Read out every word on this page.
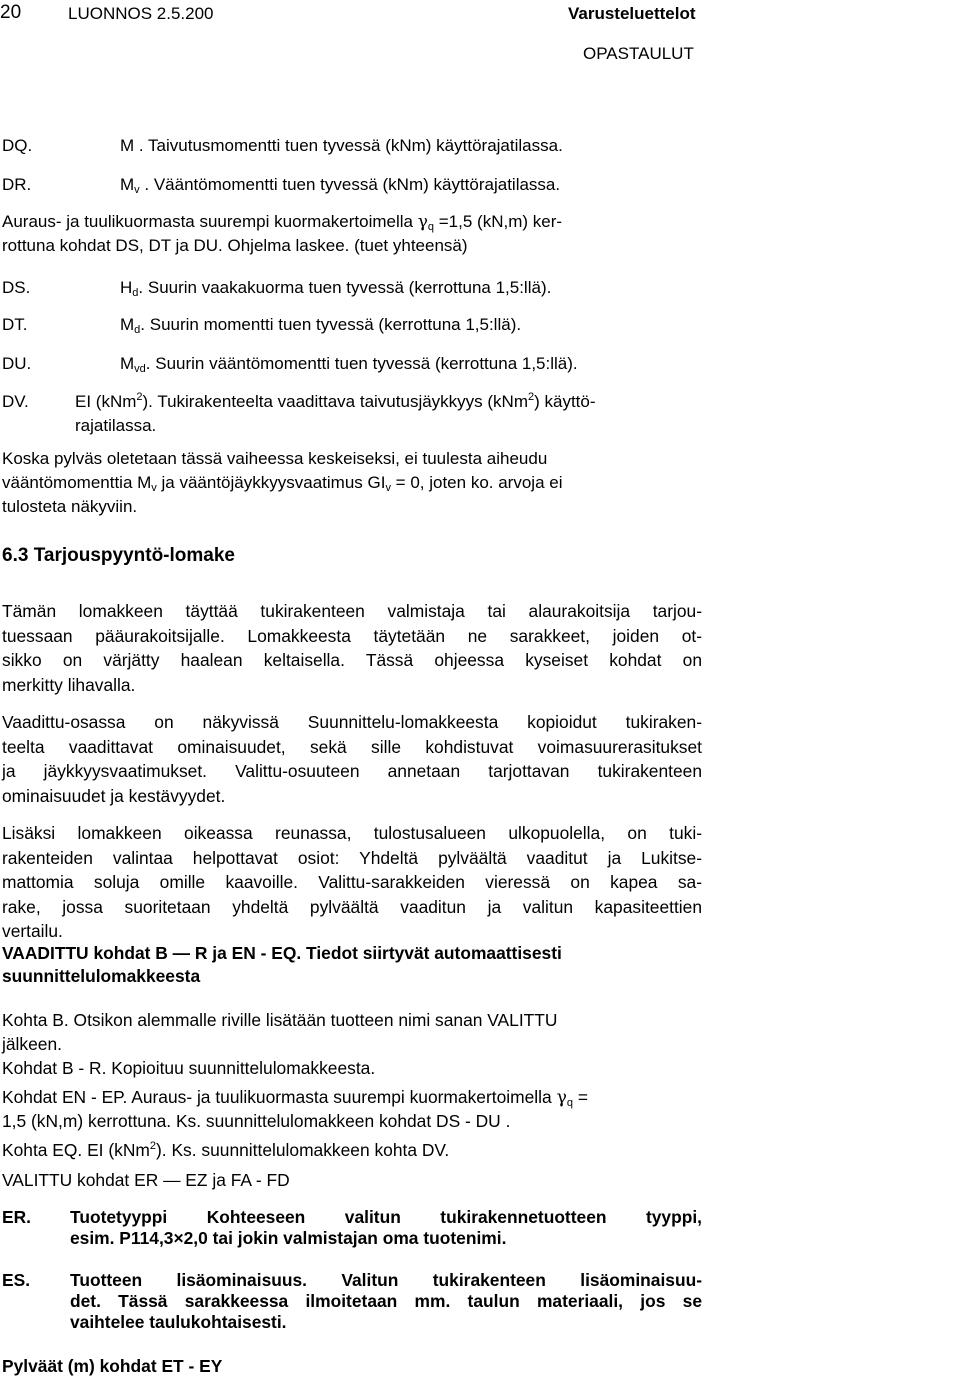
20	LUONNOS 2.5.200	Varusteluettelot
OPASTAULUT
DQ.	M . Taivutusmomentti tuen tyvessä (kNm) käyttörajatilassa.
DR.	$M_v$ . Vääntömomentti tuen tyvessä (kNm) käyttörajatilassa.
Auraus- ja tuulikuormasta suurempi kuormakertoimella $\gamma_q =1,5$ (kN,m) ker-
rottuna kohdat DS, DT ja DU. Ohjelma laskee. (tuet yhteensä)
DS.	$H_d$. Suurin vaakakuorma tuen tyvessä (kerrottuna 1,5:llä).
DT.	$M_d$. Suurin momentti tuen tyvessä (kerrottuna 1,5:llä).
DU.	$M_{vd}$. Suurin vääntömomentti tuen tyvessä (kerrottuna 1,5:llä).
DV.	EI (kNm$^2$). Tukirakenteelta vaadittava taivutusjäykkyys (kNm$^2$) käyttö-
rajatilassa.
Koska pylväs oletetaan tässä vaiheessa keskeiseksi, ei tuulesta aiheudu
vääntömomenttia $M_v$ ja vääntöjäykkyysvaatimus $GI_v = 0$, joten ko. arvoja ei
tulosteta näkyviin.
6.3 Tarjouspyyntö-lomake
Tämän lomakkeen täyttää tukirakenteen valmistaja tai alaurakoitsija tarjou-
tuessaan pääurakoitsijalle. Lomakkeesta täytetään ne sarakkeet, joiden ot-
sikko on värjätty haalean keltaisella. Tässä ohjeessa kyseiset kohdat on
merkitty lihavalla.
Vaadittu-osassa on näkyvissä Suunnittelu-lomakkeesta kopioidut tukiraken-
teelta vaadittavat ominaisuudet, sekä sille kohdistuvat voimasuurerasitukset
ja jäykkyysvaatimukset. Valittu-osuuteen annetaan tarjottavan tukirakenteen
ominaisuudet ja kestävyydet.
Lisäksi lomakkeen oikeassa reunassa, tulostusalueen ulkopuolella, on tuki-
rakenteiden valintaa helpottavat osiot: Yhdeltä pylväältä vaaditut ja Lukitse-
mattomia soluja omille kaavoille. Valittu-sarakkeiden vieressä on kapea sa-
rake, jossa suoritetaan yhdeltä pylväältä vaaditun ja valitun kapasiteettien
vertailu.
VAADITTU kohdat B — R ja EN - EQ. Tiedot siirtyvät automaattisesti
suunnittelulomakkeesta
Kohta B. Otsikon alemmalle riville lisätään tuotteen nimi sanan VALITTU
jälkeen.
Kohdat B - R. Kopioituu suunnittelulomakkeesta.
Kohdat EN - EP. Auraus- ja tuulikuormasta suurempi kuormakertoimella $\gamma_q$ =
1,5 (kN,m) kerrottuna. Ks. suunnittelulomakkeen kohdat DS - DU .
Kohta EQ. EI (kNm$^2$). Ks. suunnittelulomakkeen kohta DV.
VALITTU kohdat ER — EZ ja FA - FD
ER. Tuotetyyppi Kohteeseen valitun tukirakennetuotteen tyyppi,
esim. P114,3×2,0 tai jokin valmistajan oma tuotenimi.
ES. Tuotteen lisäominaisuus. Valitun tukirakenteen lisäominaisuu-
det. Tässä sarakkeessa ilmoitetaan mm. taulun materiaali, jos se
vaihtelee taulukohtaisesti.
Pylväät (m) kohdat ET - EY
